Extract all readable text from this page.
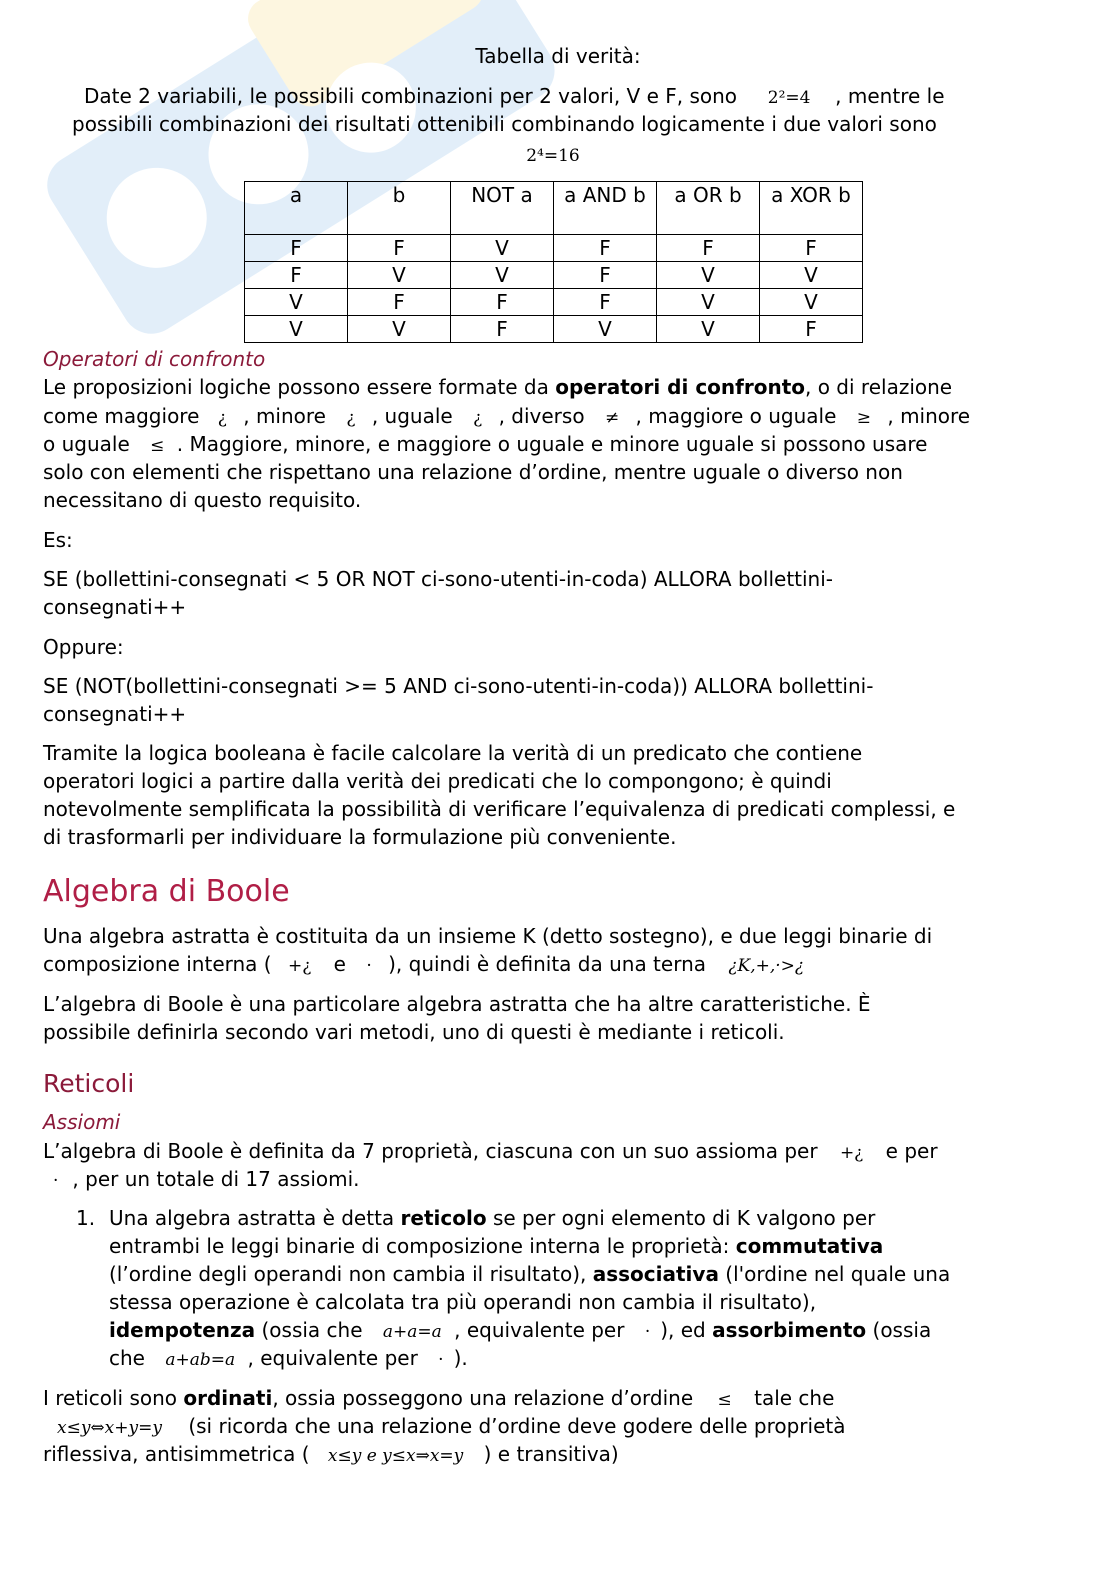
Tabella di verità:
Date 2 variabili, le possibili combinazioni per 2 valori, V e F, sono 2²=4 , mentre le
possibili combinazioni dei risultati ottenibili combinando logicamente i due valori sono
2⁴=16
a	b	NOT a	a AND b	a OR b	a XOR b
F	F	V	F	F	F
F	V	V	F	V	V
V	F	F	F	V	V
V	V	F	V	V	F
Operatori di confronto
Le proposizioni logiche possono essere formate da operatori di confronto, o di relazione
come maggiore ¿ , minore ¿ , uguale ¿ , diverso ≠ , maggiore o uguale ≥ , minore
o uguale ≤ . Maggiore, minore, e maggiore o uguale e minore uguale si possono usare
solo con elementi che rispettano una relazione d’ordine, mentre uguale o diverso non
necessitano di questo requisito.
Es:
SE (bollettini-consegnati < 5 OR NOT ci-sono-utenti-in-coda) ALLORA bollettini-
consegnati++
Oppure:
SE (NOT(bollettini-consegnati >= 5 AND ci-sono-utenti-in-coda)) ALLORA bollettini-
consegnati++
Tramite la logica booleana è facile calcolare la verità di un predicato che contiene
operatori logici a partire dalla verità dei predicati che lo compongono; è quindi
notevolmente semplificata la possibilità di verificare l’equivalenza di predicati complessi, e
di trasformarli per individuare la formulazione più conveniente.
Algebra di Boole
Una algebra astratta è costituita da un insieme K (detto sostegno), e due leggi binarie di
composizione interna ( +¿ e · ), quindi è definita da una terna ¿K,+,·>¿
L’algebra di Boole è una particolare algebra astratta che ha altre caratteristiche. È
possibile definirla secondo vari metodi, uno di questi è mediante i reticoli.
Reticoli
Assiomi
L’algebra di Boole è definita da 7 proprietà, ciascuna con un suo assioma per +¿ e per
· , per un totale di 17 assiomi.
1. Una algebra astratta è detta reticolo se per ogni elemento di K valgono per
entrambi le leggi binarie di composizione interna le proprietà: commutativa
(l’ordine degli operandi non cambia il risultato), associativa (l'ordine nel quale una
stessa operazione è calcolata tra più operandi non cambia il risultato),
idempotenza (ossia che a+a=a , equivalente per · ), ed assorbimento (ossia
che a+ab=a , equivalente per · ).
I reticoli sono ordinati, ossia posseggono una relazione d’ordine ≤ tale che
x≤y⇔x+y=y (si ricorda che una relazione d’ordine deve godere delle proprietà
riflessiva, antisimmetrica ( x≤y e y≤x⇒x=y ) e transitiva)
